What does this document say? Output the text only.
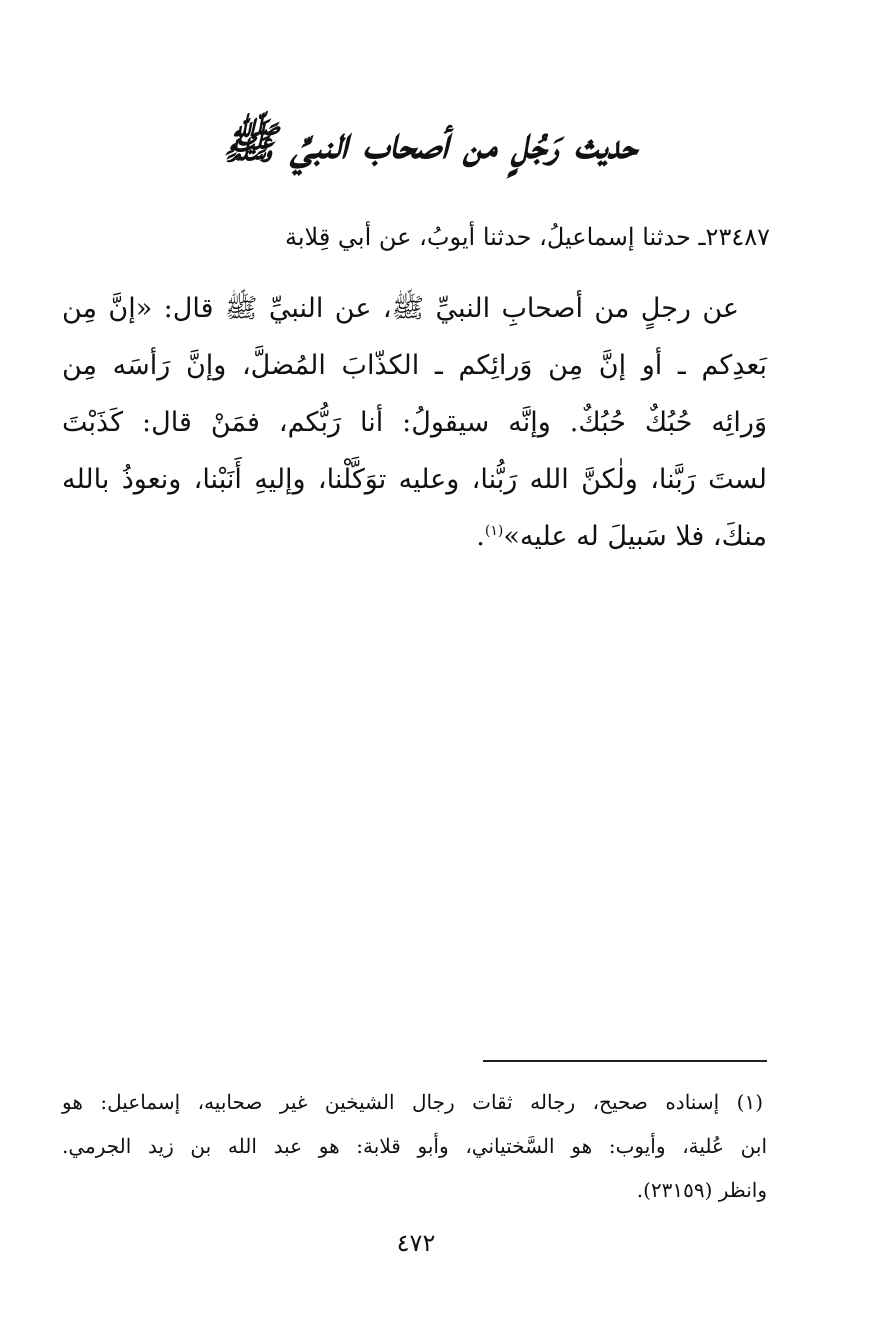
حديث رَجُلٍ من أصحاب النبيِّ ﷺ
٢٣٤٨٧ـ حدثنا إسماعيلُ، حدثنا أيوبُ، عن أبي قِلابة
عن رجلٍ من أصحابِ النبيِّ ﷺ، عن النبيِّ ﷺ قال: «إنَّ مِن
بَعدِكم ـ أو إنَّ مِن وَرائِكم ـ الكذّابَ المُضلَّ، وإنَّ رَأسَه مِن
وَرائِه حُبُكٌ حُبُكٌ. وإنَّه سيقولُ: أنا رَبُّكم، فمَنْ قال: كَذَبْتَ
لستَ رَبَّنا، ولٰكنَّ الله رَبُّنا، وعليه توَكَّلْنا، وإليهِ أَنَبْنا، ونعوذُ بالله
منكَ، فلا سَبيلَ له عليه»$^{(١)}$.
(١) إسناده صحيح، رجاله ثقات رجال الشيخين غير صحابيه، إسماعيل: هو
ابن عُلية، وأيوب: هو السَّختياني، وأبو قلابة: هو عبد الله بن زيد الجرمي.
وانظر (٢٣١٥٩).
٤٧٢
